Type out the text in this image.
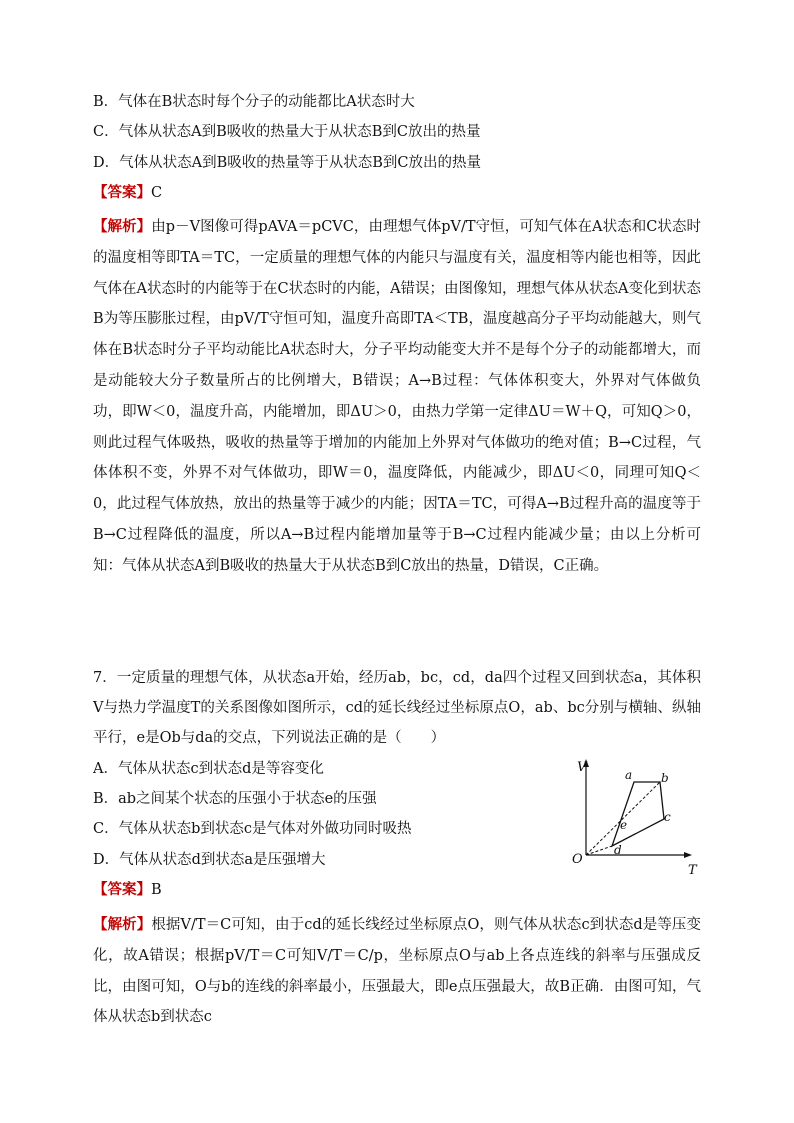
B．气体在B状态时每个分子的动能都比A状态时大
C．气体从状态A到B吸收的热量大于从状态B到C放出的热量
D．气体从状态A到B吸收的热量等于从状态B到C放出的热量
【答案】C
【解析】由p－V图像可得pAVA＝pCVC，由理想气体pV/T守恒，可知气体在A状态和C状态时的温度相等即TA＝TC，一定质量的理想气体的内能只与温度有关，温度相等内能也相等，因此气体在A状态时的内能等于在C状态时的内能，A错误；由图像知，理想气体从状态A变化到状态B为等压膨胀过程，由pV/T守恒可知，温度升高即TA＜TB，温度越高分子平均动能越大，则气体在B状态时分子平均动能比A状态时大，分子平均动能变大并不是每个分子的动能都增大，而是动能较大分子数量所占的比例增大，B错误；A→B过程：气体体积变大，外界对气体做负功，即W＜0，温度升高，内能增加，即ΔU＞0，由热力学第一定律ΔU＝W＋Q，可知Q＞0，则此过程气体吸热，吸收的热量等于增加的内能加上外界对气体做功的绝对值；B→C过程，气体体积不变，外界不对气体做功，即W＝0，温度降低，内能减少，即ΔU＜0，同理可知Q＜0，此过程气体放热，放出的热量等于减少的内能；因TA＝TC，可得A→B过程升高的温度等于B→C过程降低的温度，所以A→B过程内能增加量等于B→C过程内能减少量；由以上分析可知：气体从状态A到B吸收的热量大于从状态B到C放出的热量，D错误，C正确。
7．一定质量的理想气体，从状态a开始，经历ab，bc，cd，da四个过程又回到状态a，其体积V与热力学温度T的关系图像如图所示，cd的延长线经过坐标原点O，ab、bc分别与横轴、纵轴平行，e是Ob与da的交点，下列说法正确的是（　　）
A．气体从状态c到状态d是等容变化
B．ab之间某个状态的压强小于状态e的压强
C．气体从状态b到状态c是气体对外做功同时吸热
D．气体从状态d到状态a是压强增大
【答案】B
【解析】根据V/T＝C可知，由于cd的延长线经过坐标原点O，则气体从状态c到状态d是等压变化，故A错误；根据pV/T＝C可知V/T＝C/p，坐标原点O与ab上各点连线的斜率与压强成反比，由图可知，O与b的连线的斜率最小，压强最大，即e点压强最大，故B正确．由图可知，气体从状态b到状态c
V
T
O
a b
c
d
e
